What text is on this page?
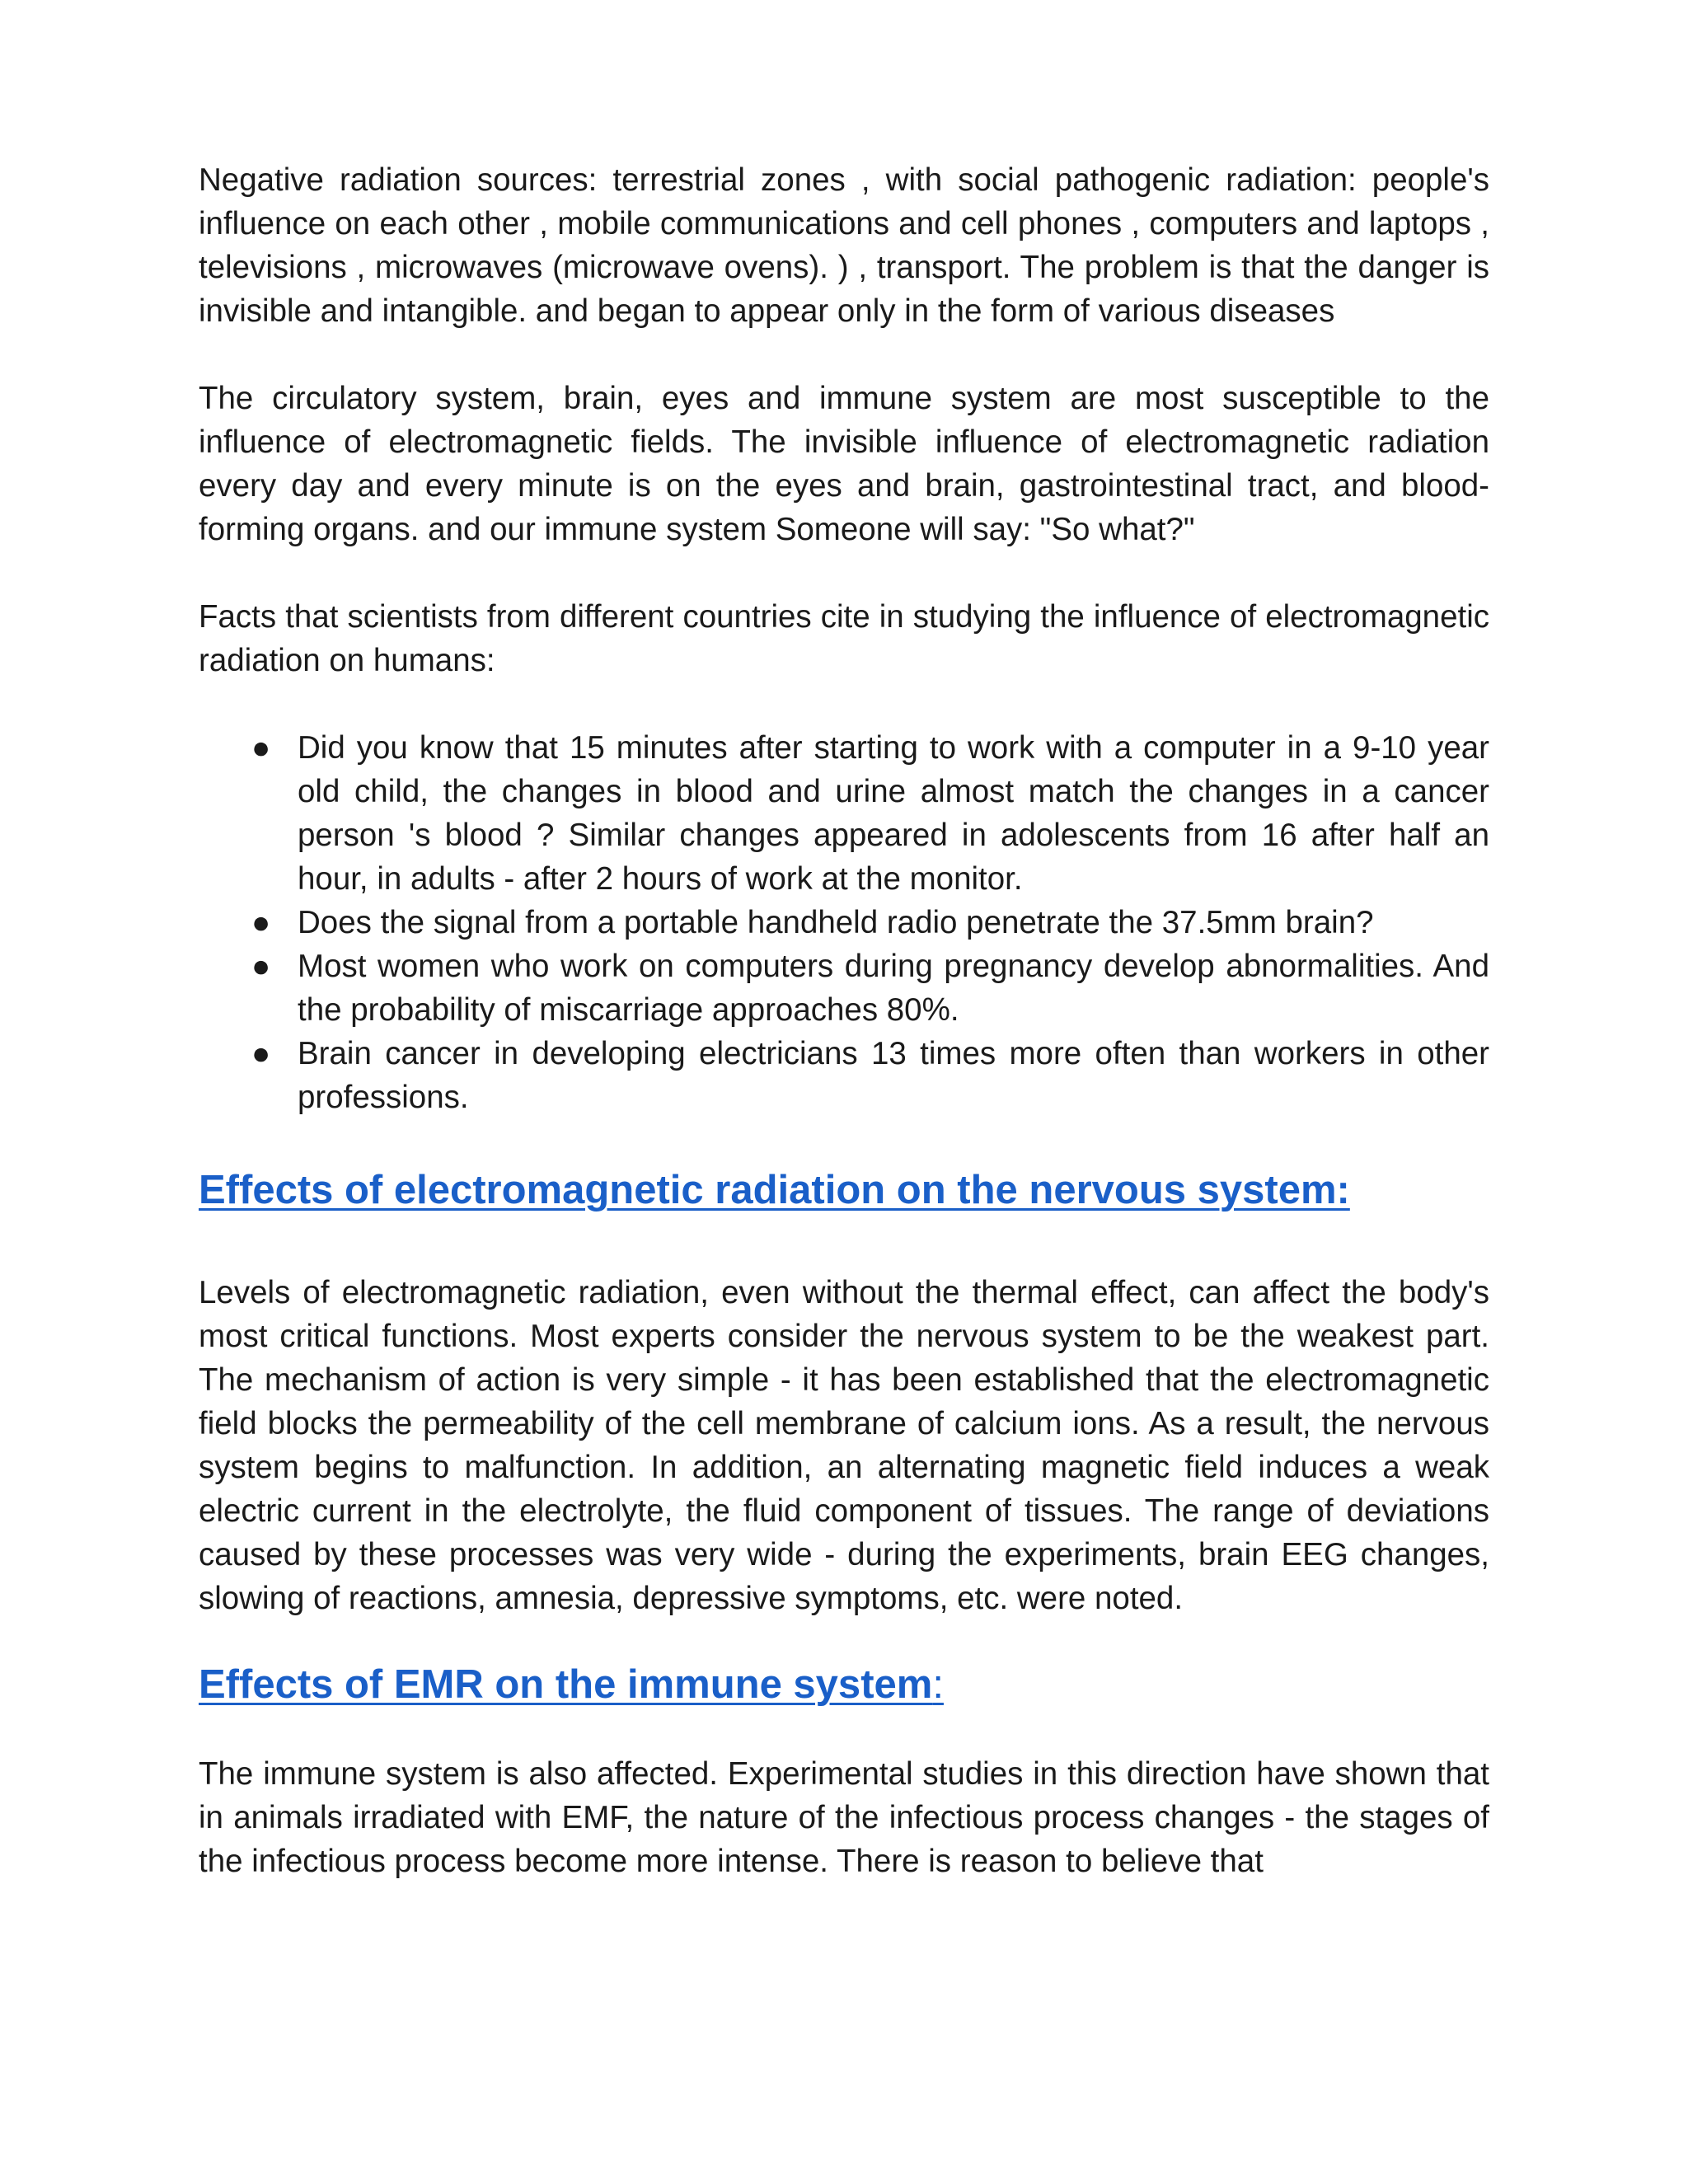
Negative radiation sources: terrestrial zones , with social pathogenic radiation: people's influence on each other , mobile communications and cell phones , computers and laptops , televisions , microwaves (microwave ovens). ) , transport. The problem is that the danger is invisible and intangible. and began to appear only in the form of various diseases

The circulatory system, brain, eyes and immune system are most susceptible to the influence of electromagnetic fields. The invisible influence of electromagnetic radiation every day and every minute is on the eyes and brain, gastrointestinal tract, and blood-forming organs. and our immune system Someone will say: "So what?"

Facts that scientists from different countries cite in studying the influence of electromagnetic radiation on humans:

● Did you know that 15 minutes after starting to work with a computer in a 9-10 year old child, the changes in blood and urine almost match the changes in a cancer person 's blood ? Similar changes appeared in adolescents from 16 after half an hour, in adults - after 2 hours of work at the monitor.
● Does the signal from a portable handheld radio penetrate the 37.5mm brain?
● Most women who work on computers during pregnancy develop abnormalities. And the probability of miscarriage approaches 80%.
● Brain cancer in developing electricians 13 times more often than workers in other professions.
Effects of electromagnetic radiation on the nervous system:

Levels of electromagnetic radiation, even without the thermal effect, can affect the body's most critical functions. Most experts consider the nervous system to be the weakest part. The mechanism of action is very simple - it has been established that the electromagnetic field blocks the permeability of the cell membrane of calcium ions. As a result, the nervous system begins to malfunction. In addition, an alternating magnetic field induces a weak electric current in the electrolyte, the fluid component of tissues. The range of deviations caused by these processes was very wide - during the experiments, brain EEG changes, slowing of reactions, amnesia, depressive symptoms, etc. were noted.

Effects of EMR on the immune system:

The immune system is also affected. Experimental studies in this direction have shown that in animals irradiated with EMF, the nature of the infectious process changes - the stages of the infectious process become more intense. There is reason to believe that
